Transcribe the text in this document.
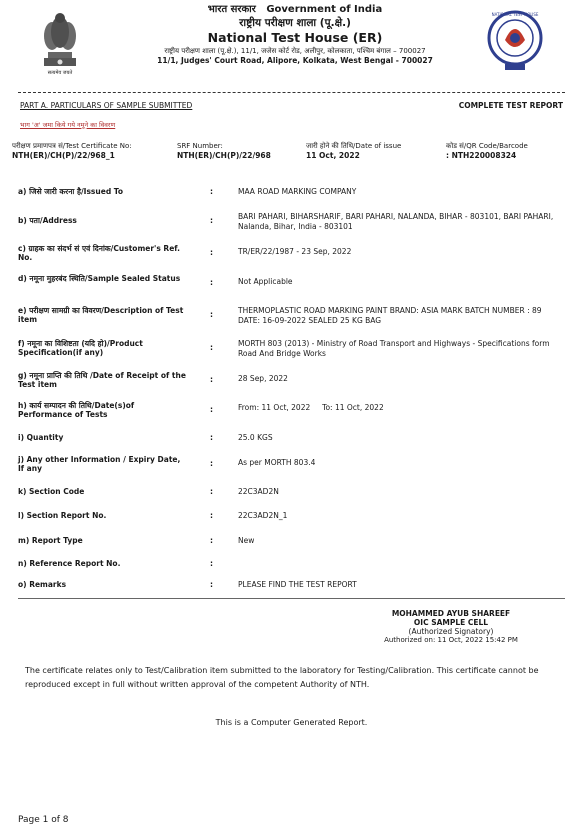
सत्यमेव जयते
भारत सरकार Government of India
राष्ट्रीय परीक्षण शाला (पू.क्षे.)
National Test House (ER)
राष्ट्रीय परीक्षण शाला (पू.क्षे.), 11/1, जजेस कोर्ट रोड, अलीपुर, कोलकाता, पश्चिम बंगाल – 700027
11/1, Judges' Court Road, Alipore, Kolkata, West Bengal - 700027
NATIONAL TEST HOUSE
PART A. PARTICULARS OF SAMPLE SUBMITTED	COMPLETE TEST REPORT
भाग 'अ' जमा किये गये नमूने का विवरण
परीक्षण प्रमाणपत्र सं/Test Certificate No:
NTH(ER)/CH(P)/22/968_1
SRF Number:
NTH(ER)/CH(P)/22/968
जारी होने की तिथि/Date of issue
11 Oct, 2022
कोड सं/QR Code/Barcode
: NTH220008324
a) जिसे जारी करना है/Issued To	:	MAA ROAD MARKING COMPANY
b) पता/Address	:	BARI PAHARI, BIHARSHARIF, BARI PAHARI, NALANDA, BIHAR - 803101, BARI PAHARI, Nalanda, Bihar, India - 803101
c) ग्राहक का संदर्भ सं एवं दिनांक/Customer's Ref. No.
:	TR/ER/22/1987 - 23 Sep, 2022
d) नमूना मुहरबंद स्थिति/Sample Sealed Status	:	Not Applicable
e) परीक्षण सामग्री का विवरण/Description of Test item
:	THERMOPLASTIC ROAD MARKING PAINT BRAND: ASIA MARK BATCH NUMBER : 89 DATE: 16-09-2022 SEALED 25 KG BAG
f) नमूना का विशिष्टता (यदि हो)/Product Specification(if any)
:	MORTH 803 (2013) - Ministry of Road Transport and Highways - Specifications form Road And Bridge Works
g) नमूना प्राप्ति की तिथि /Date of Receipt of the Test item
:	28 Sep, 2022
h) कार्य सम्पादन की तिथि/Date(s)of Performance of Tests
:	From: 11 Oct, 2022     To: 11 Oct, 2022
i) Quantity	:	25.0 KGS
j) Any other Information / Expiry Date, If any
:	As per MORTH 803.4
k) Section Code	:	22C3AD2N
l) Section Report No.	:	22C3AD2N_1
m) Report Type	:	New
n) Reference Report No.	:
o) Remarks	:	PLEASE FIND THE TEST REPORT
MOHAMMED AYUB SHAREEF
OIC SAMPLE CELL
(Authorized Signatory)
Authorized on: 11 Oct, 2022 15:42 PM
The certificate relates only to Test/Calibration item submitted to the laboratory for Testing/Calibration. This certificate cannot be reproduced except in full without written approval of the competent Authority of NTH.
This is a Computer Generated Report.
Page 1 of 8
